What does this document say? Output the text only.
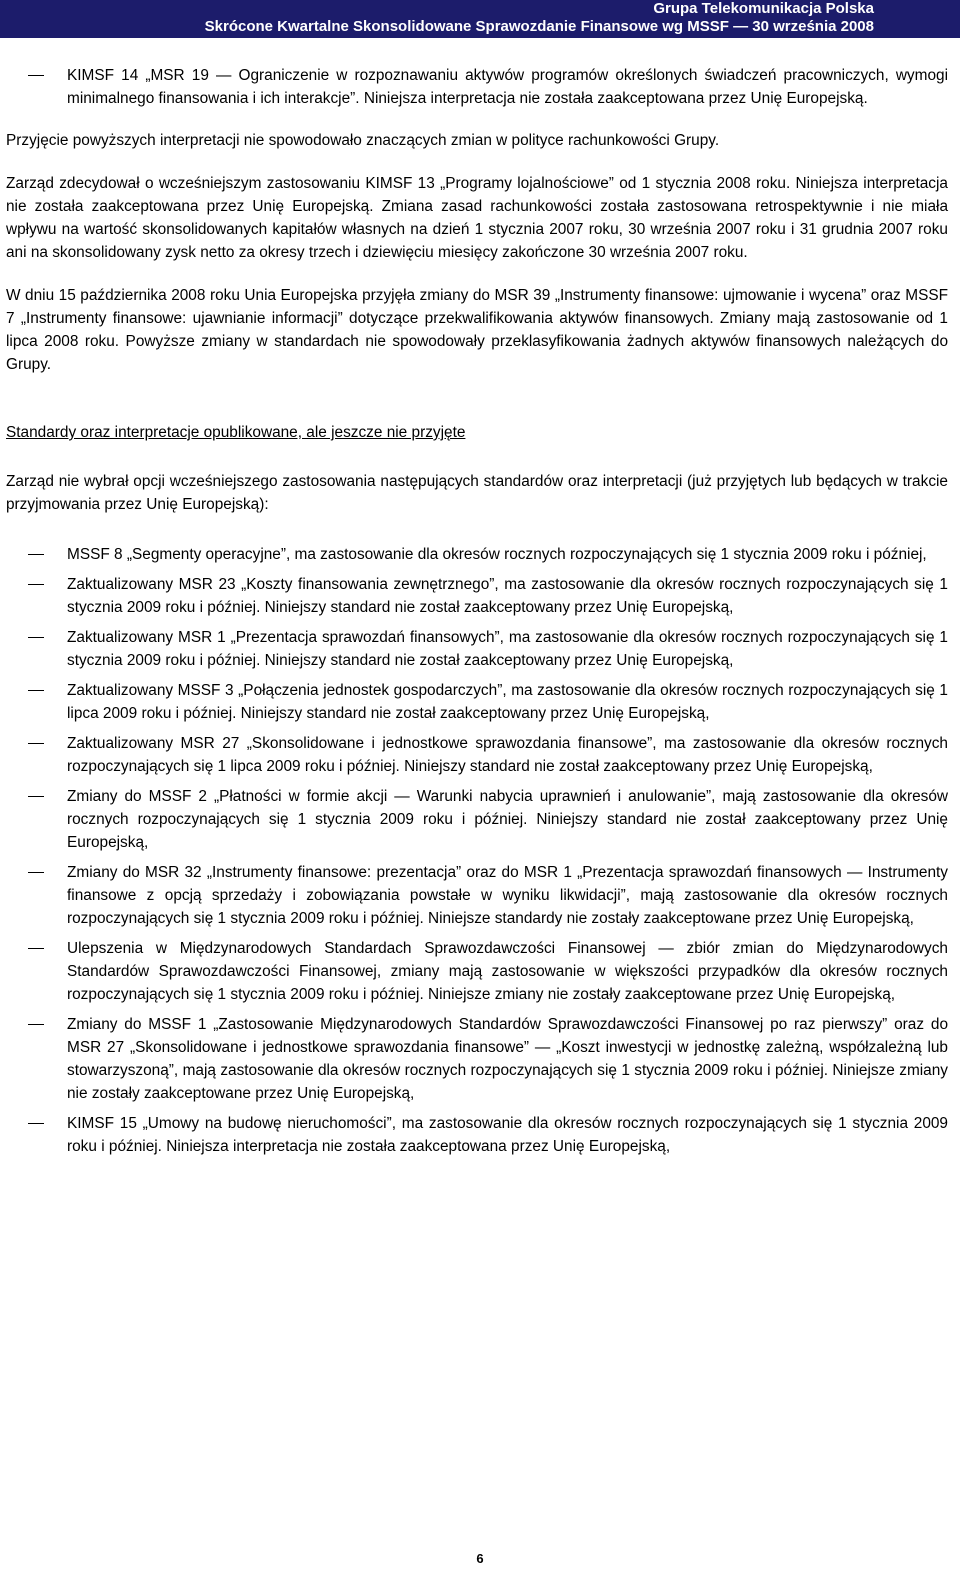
Grupa Telekomunikacja Polska
Skrócone Kwartalne Skonsolidowane Sprawozdanie Finansowe wg MSSF — 30 września 2008
KIMSF 14 „MSR 19 — Ograniczenie w rozpoznawaniu aktywów programów określonych świadczeń pracowniczych, wymogi minimalnego finansowania i ich interakcje”. Niniejsza interpretacja nie została zaakceptowana przez Unię Europejską.

Przyjęcie powyższych interpretacji nie spowodowało znaczących zmian w polityce rachunkowości Grupy.

Zarząd zdecydował o wcześniejszym zastosowaniu KIMSF 13 „Programy lojalnościowe” od 1 stycznia 2008 roku. Niniejsza interpretacja nie została zaakceptowana przez Unię Europejską. Zmiana zasad rachunkowości została zastosowana retrospektywnie i nie miała wpływu na wartość skonsolidowanych kapitałów własnych na dzień 1 stycznia 2007 roku, 30 września 2007 roku i 31 grudnia 2007 roku ani na skonsolidowany zysk netto za okresy trzech i dziewięciu miesięcy zakończone 30 września 2007 roku.

W dniu 15 października 2008 roku Unia Europejska przyjęła zmiany do MSR 39 „Instrumenty finansowe: ujmowanie i wycena” oraz MSSF 7 „Instrumenty finansowe: ujawnianie informacji” dotyczące przekwalifikowania aktywów finansowych. Zmiany mają zastosowanie od 1 lipca 2008 roku. Powyższe zmiany w standardach nie spowodowały przeklasyfikowania żadnych aktywów finansowych należących do Grupy.

Standardy oraz interpretacje opublikowane, ale jeszcze nie przyjęte

Zarząd nie wybrał opcji wcześniejszego zastosowania następujących standardów oraz interpretacji (już przyjętych lub będących w trakcie przyjmowania przez Unię Europejską):

MSSF 8 „Segmenty operacyjne”, ma zastosowanie dla okresów rocznych rozpoczynających się 1 stycznia 2009 roku i później,
Zaktualizowany MSR 23 „Koszty finansowania zewnętrznego”, ma zastosowanie dla okresów rocznych rozpoczynających się 1 stycznia 2009 roku i później. Niniejszy standard nie został zaakceptowany przez Unię Europejską,
Zaktualizowany MSR 1 „Prezentacja sprawozdań finansowych”, ma zastosowanie dla okresów rocznych rozpoczynających się 1 stycznia 2009 roku i później. Niniejszy standard nie został zaakceptowany przez Unię Europejską,
Zaktualizowany MSSF 3 „Połączenia jednostek gospodarczych”, ma zastosowanie dla okresów rocznych rozpoczynających się 1 lipca 2009 roku i później. Niniejszy standard nie został zaakceptowany przez Unię Europejską,
Zaktualizowany MSR 27 „Skonsolidowane i jednostkowe sprawozdania finansowe”, ma zastosowanie dla okresów rocznych rozpoczynających się 1 lipca 2009 roku i później. Niniejszy standard nie został zaakceptowany przez Unię Europejską,
Zmiany do MSSF 2 „Płatności w formie akcji — Warunki nabycia uprawnień i anulowanie”, mają zastosowanie dla okresów rocznych rozpoczynających się 1 stycznia 2009 roku i później. Niniejszy standard nie został zaakceptowany przez Unię Europejską,
Zmiany do MSR 32 „Instrumenty finansowe: prezentacja” oraz do MSR 1 „Prezentacja sprawozdań finansowych — Instrumenty finansowe z opcją sprzedaży i zobowiązania powstałe w wyniku likwidacji”, mają zastosowanie dla okresów rocznych rozpoczynających się 1 stycznia 2009 roku i później. Niniejsze standardy nie zostały zaakceptowane przez Unię Europejską,
Ulepszenia w Międzynarodowych Standardach Sprawozdawczości Finansowej — zbiór zmian do Międzynarodowych Standardów Sprawozdawczości Finansowej, zmiany mają zastosowanie w większości przypadków dla okresów rocznych rozpoczynających się 1 stycznia 2009 roku i później. Niniejsze zmiany nie zostały zaakceptowane przez Unię Europejską,
Zmiany do MSSF 1 „Zastosowanie Międzynarodowych Standardów Sprawozdawczości Finansowej po raz pierwszy” oraz do MSR 27 „Skonsolidowane i jednostkowe sprawozdania finansowe” — „Koszt inwestycji w jednostkę zależną, współzależną lub stowarzyszoną”, mają zastosowanie dla okresów rocznych rozpoczynających się 1 stycznia 2009 roku i później. Niniejsze zmiany nie zostały zaakceptowane przez Unię Europejską,
KIMSF 15 „Umowy na budowę nieruchomości”, ma zastosowanie dla okresów rocznych rozpoczynających się 1 stycznia 2009 roku i później. Niniejsza interpretacja nie została zaakceptowana przez Unię Europejską,
6
